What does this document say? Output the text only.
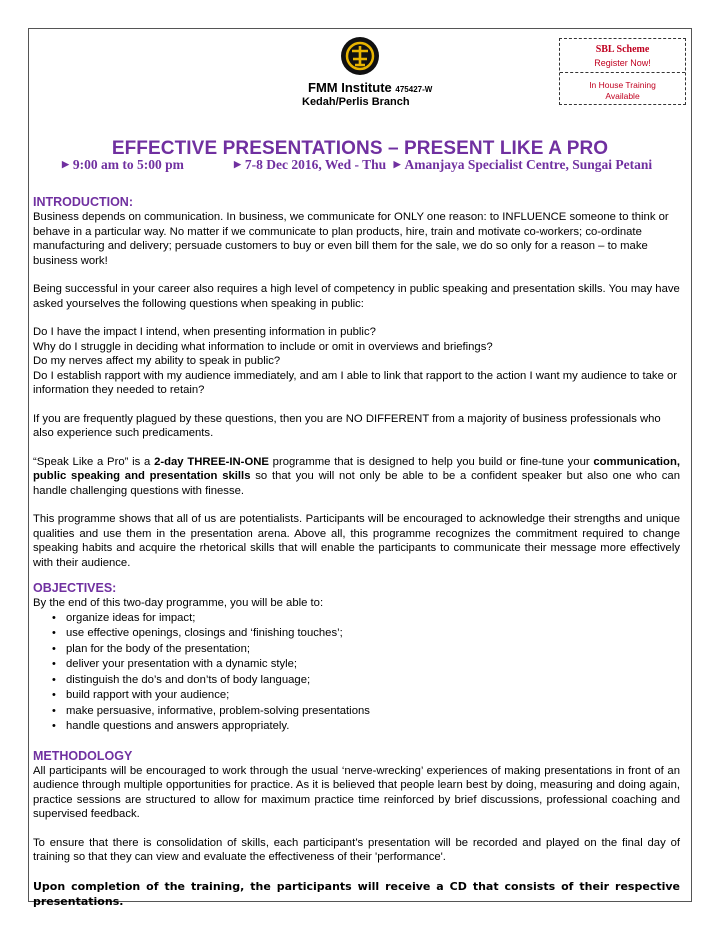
FMM Institute 475427-W
Kedah/Perlis Branch
SBL Scheme
Register Now!
In House Training
Available
EFFECTIVE PRESENTATIONS – PRESENT LIKE A PRO
▶ 9:00 am to 5:00 pm	▶ 7-8 Dec 2016, Wed - Thu ▶ Amanjaya Specialist Centre, Sungai Petani
INTRODUCTION:

Business depends on communication. In business, we communicate for ONLY one reason: to INFLUENCE someone to think or behave in a particular way. No matter if we communicate to plan products, hire, train and motivate co-workers; co-ordinate manufacturing and delivery; persuade customers to buy or even bill them for the sale, we do so only for a reason – to make business work!

Being successful in your career also requires a high level of competency in public speaking and presentation skills. You may have asked yourselves the following questions when speaking in public:

Do I have the impact I intend, when presenting information in public?

Why do I struggle in deciding what information to include or omit in overviews and briefings?

Do my nerves affect my ability to speak in public?

Do I establish rapport with my audience immediately, and am I able to link that rapport to the action I want my audience to take or information they needed to retain?

If you are frequently plagued by these questions, then you are NO DIFFERENT from a majority of business professionals who also experience such predicaments.

“Speak Like a Pro” is a 2-day THREE-IN-ONE programme that is designed to help you build or fine-tune your communication, public speaking and presentation skills so that you will not only be able to be a confident speaker but also one who can handle challenging questions with finesse.

This programme shows that all of us are potentialists. Participants will be encouraged to acknowledge their strengths and unique qualities and use them in the presentation arena. Above all, this programme recognizes the commitment required to change speaking habits and acquire the rhetorical skills that will enable the participants to communicate their message more effectively with their audience.

OBJECTIVES:

By the end of this two-day programme, you will be able to:

• organize ideas for impact;
• use effective openings, closings and ‘finishing touches’;
• plan for the body of the presentation;
• deliver your presentation with a dynamic style;
• distinguish the do’s and don’ts of body language;
• build rapport with your audience;
• make persuasive, informative, problem-solving presentations
• handle questions and answers appropriately.
METHODOLOGY

All participants will be encouraged to work through the usual ‘nerve-wrecking’ experiences of making presentations in front of an audience through multiple opportunities for practice. As it is believed that people learn best by doing, measuring and doing again, practice sessions are structured to allow for maximum practice time reinforced by brief discussions, professional coaching and supervised feedback.

To ensure that there is consolidation of skills, each participant’s presentation will be recorded and played on the final day of training so that they can view and evaluate the effectiveness of their 'performance'.

Upon completion of the training, the participants will receive a CD that consists of their respective presentations.
